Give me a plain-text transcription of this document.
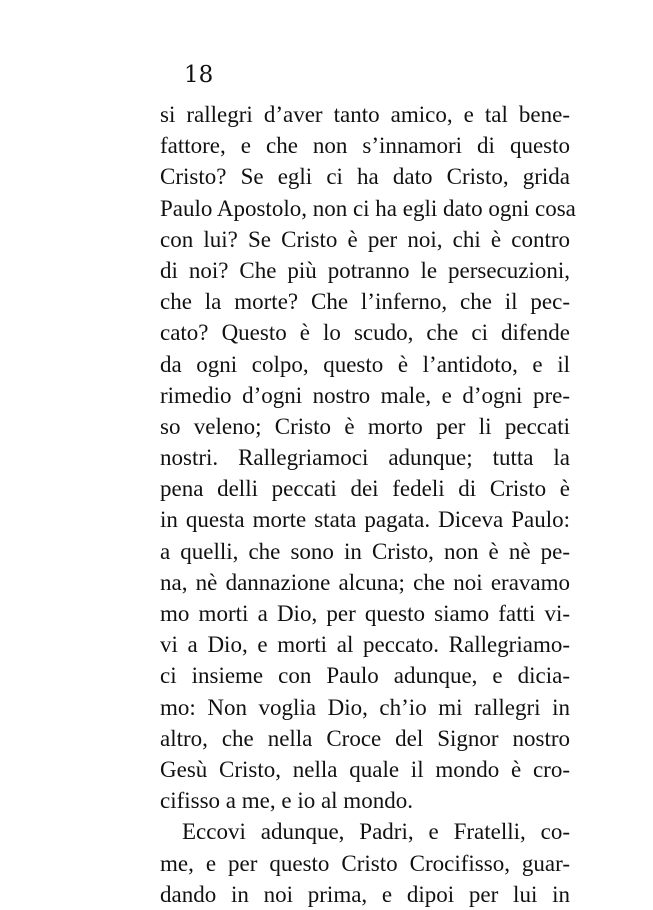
18
si rallegri d’aver tanto amico, e tal bene-
fattore, e che non s’innamori di questo
Cristo? Se egli ci ha dato Cristo, grida
Paulo Apostolo, non ci ha egli dato ogni cosa
con lui? Se Cristo è per noi, chi è contro
di noi? Che più potranno le persecuzioni,
che la morte? Che l’inferno, che il pec-
cato? Questo è lo scudo, che ci difende
da ogni colpo, questo è l’antidoto, e il
rimedio d’ogni nostro male, e d’ogni pre-
so veleno; Cristo è morto per li peccati
nostri. Rallegriamoci adunque; tutta la
pena delli peccati dei fedeli di Cristo è
in questa morte stata pagata. Diceva Paulo:
a quelli, che sono in Cristo, non è nè pe-
na, nè dannazione alcuna; che noi eravamo
mo morti a Dio, per questo siamo fatti vi-
vi a Dio, e morti al peccato. Rallegriamo-
ci insieme con Paulo adunque, e dicia-
mo: Non voglia Dio, ch’io mi rallegri in
altro, che nella Croce del Signor nostro
Gesù Cristo, nella quale il mondo è cro-
cifisso a me, e io al mondo.
Eccovi adunque, Padri, e Fratelli, co-
me, e per questo Cristo Crocifisso, guar-
dando in noi prima, e dipoi per lui in
